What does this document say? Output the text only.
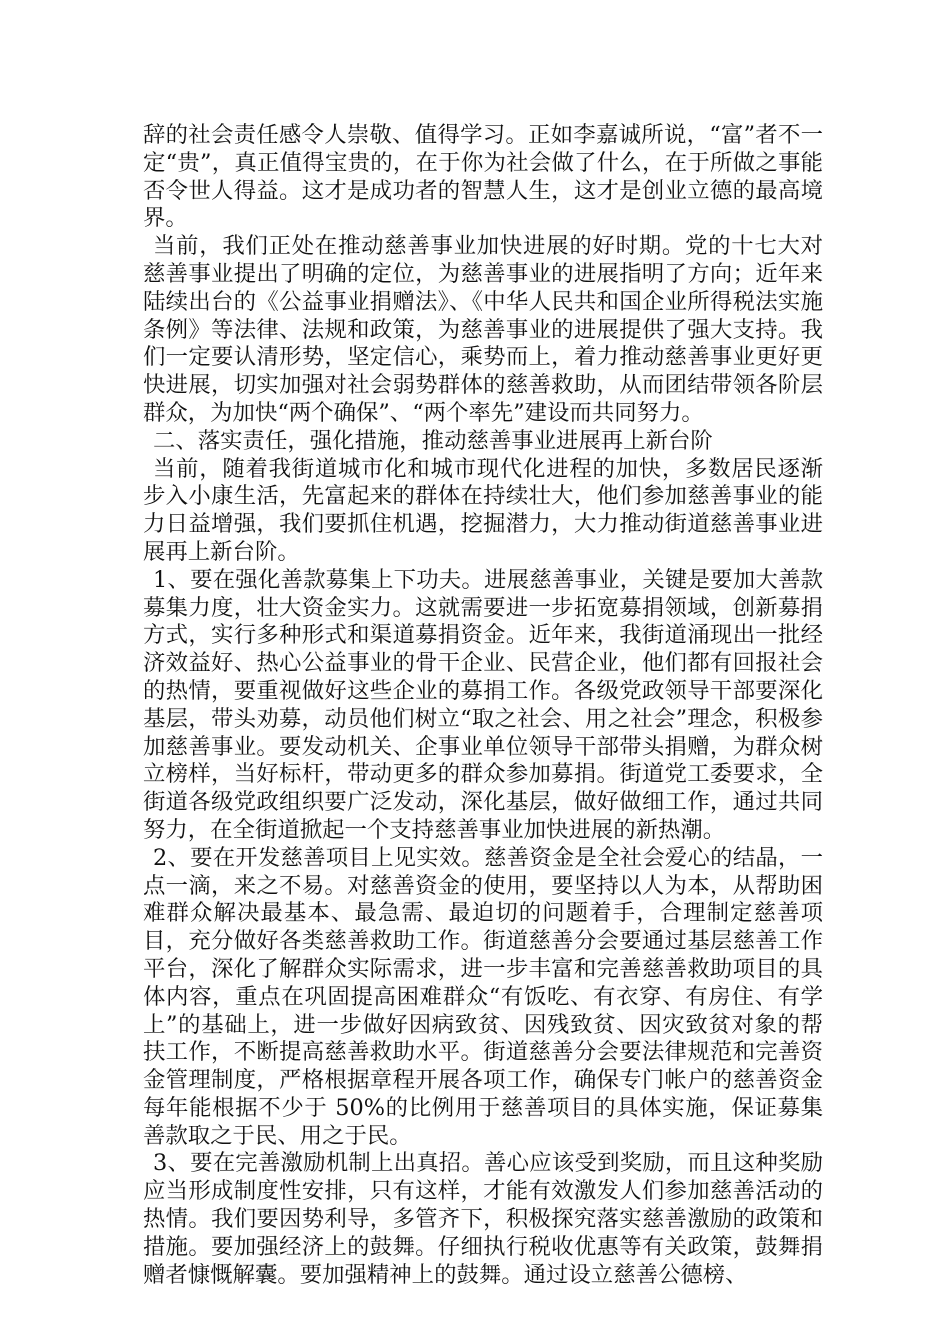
辞的社会责任感令人崇敬、值得学习。正如李嘉诚所说，“富”者不一定“贵”，真正值得宝贵的，在于你为社会做了什么，在于所做之事能否令世人得益。这才是成功者的智慧人生，这才是创业立德的最高境界。

当前，我们正处在推动慈善事业加快进展的好时期。党的十七大对慈善事业提出了明确的定位，为慈善事业的进展指明了方向；近年来陆续出台的《公益事业捐赠法》、《中华人民共和国企业所得税法实施条例》等法律、法规和政策，为慈善事业的进展提供了强大支持。我们一定要认清形势，坚定信心，乘势而上，着力推动慈善事业更好更快进展，切实加强对社会弱势群体的慈善救助，从而团结带领各阶层群众，为加快“两个确保”、“两个率先”建设而共同努力。

二、落实责任，强化措施，推动慈善事业进展再上新台阶

当前，随着我街道城市化和城市现代化进程的加快，多数居民逐渐步入小康生活，先富起来的群体在持续壮大，他们参加慈善事业的能力日益增强，我们要抓住机遇，挖掘潜力，大力推动街道慈善事业进展再上新台阶。

1、要在强化善款募集上下功夫。进展慈善事业，关键是要加大善款募集力度，壮大资金实力。这就需要进一步拓宽募捐领域，创新募捐方式，实行多种形式和渠道募捐资金。近年来，我街道涌现出一批经济效益好、热心公益事业的骨干企业、民营企业，他们都有回报社会的热情，要重视做好这些企业的募捐工作。各级党政领导干部要深化基层，带头劝募，动员他们树立“取之社会、用之社会”理念，积极参加慈善事业。要发动机关、企事业单位领导干部带头捐赠，为群众树立榜样，当好标杆，带动更多的群众参加募捐。街道党工委要求，全街道各级党政组织要广泛发动，深化基层，做好做细工作，通过共同努力，在全街道掀起一个支持慈善事业加快进展的新热潮。

2、要在开发慈善项目上见实效。慈善资金是全社会爱心的结晶，一点一滴，来之不易。对慈善资金的使用，要坚持以人为本，从帮助困难群众解决最基本、最急需、最迫切的问题着手，合理制定慈善项目，充分做好各类慈善救助工作。街道慈善分会要通过基层慈善工作平台，深化了解群众实际需求，进一步丰富和完善慈善救助项目的具体内容，重点在巩固提高困难群众“有饭吃、有衣穿、有房住、有学上”的基础上，进一步做好因病致贫、因残致贫、因灾致贫对象的帮扶工作，不断提高慈善救助水平。街道慈善分会要法律规范和完善资金管理制度，严格根据章程开展各项工作，确保专门帐户的慈善资金每年能根据不少于 50%的比例用于慈善项目的具体实施，保证募集善款取之于民、用之于民。

3、要在完善激励机制上出真招。善心应该受到奖励，而且这种奖励应当形成制度性安排，只有这样，才能有效激发人们参加慈善活动的热情。我们要因势利导，多管齐下，积极探究落实慈善激励的政策和措施。要加强经济上的鼓舞。仔细执行税收优惠等有关政策，鼓舞捐赠者慷慨解囊。要加强精神上的鼓舞。通过设立慈善公德榜、
